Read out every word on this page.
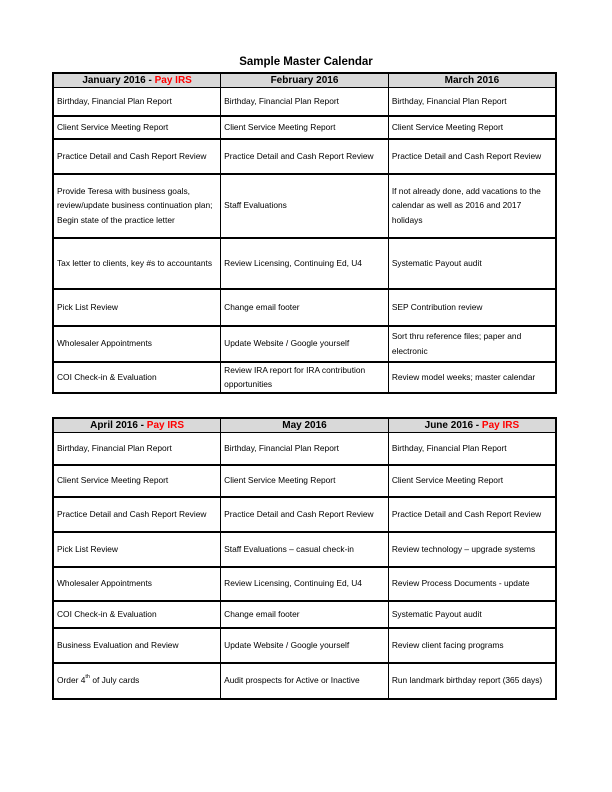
Sample Master Calendar
January 2016 - Pay IRS	February 2016	March 2016
Birthday, Financial Plan Report	Birthday, Financial Plan Report	Birthday, Financial Plan Report
Client Service Meeting Report	Client Service Meeting Report	Client Service Meeting Report
Practice Detail and Cash Report Review	Practice Detail and Cash Report Review	Practice Detail and Cash Report Review
Provide Teresa with business goals, review/update business continuation plan; Begin state of the practice letter	Staff Evaluations	If not already done, add vacations to the calendar as well as 2016 and 2017 holidays
Tax letter to clients, key #s to accountants	Review Licensing, Continuing Ed, U4	Systematic Payout audit
Pick List Review	Change email footer	SEP Contribution review
Wholesaler Appointments	Update Website / Google yourself	Sort thru reference files; paper and electronic
COI Check-in & Evaluation	Review IRA report for IRA contribution opportunities	Review model weeks; master calendar
April 2016 - Pay IRS	May 2016	June 2016 - Pay IRS
Birthday, Financial Plan Report	Birthday, Financial Plan Report	Birthday, Financial Plan Report
Client Service Meeting Report	Client Service Meeting Report	Client Service Meeting Report
Practice Detail and Cash Report Review	Practice Detail and Cash Report Review	Practice Detail and Cash Report Review
Pick List Review	Staff Evaluations – casual check-in	Review technology – upgrade systems
Wholesaler Appointments	Review Licensing, Continuing Ed, U4	Review Process Documents - update
COI Check-in & Evaluation	Change email footer	Systematic Payout audit
Business Evaluation and Review	Update Website / Google yourself	Review client facing programs
Order 4th of July cards	Audit prospects for Active or Inactive	Run landmark birthday report (365 days)
